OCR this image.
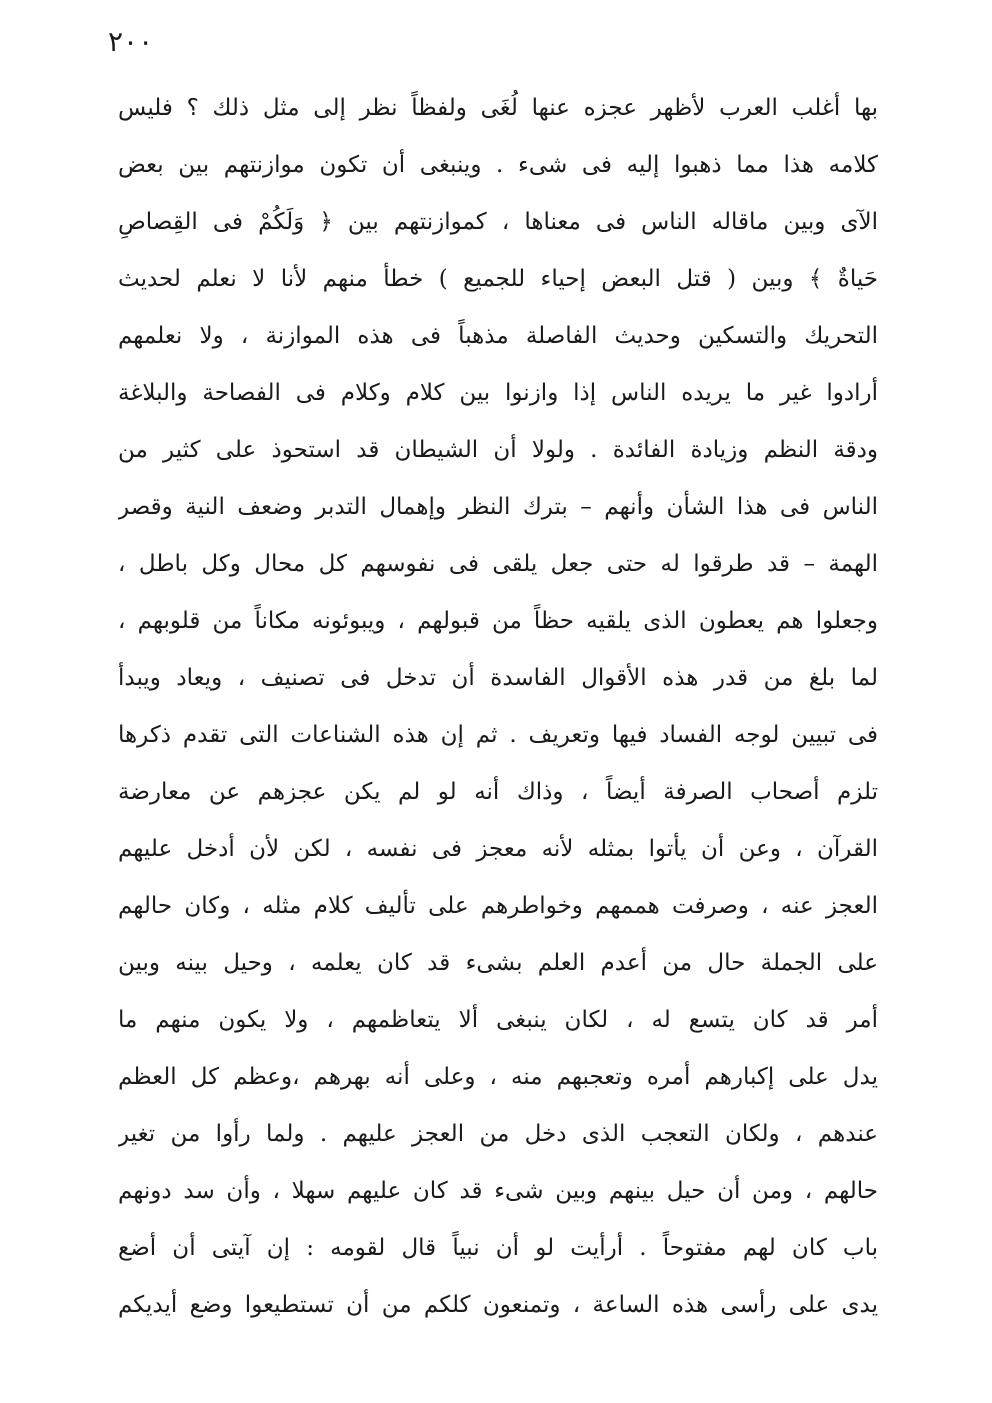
٢٠٠
بها أغلب العرب لأظهر عجزه عنها لُغَى ولفظاً نظر إلى مثل ذلك ؟ فليس
كلامه هذا مما ذهبوا إليه فى شىء . وينبغى أن تكون موازنتهم بين بعض
الآى وبين ماقاله الناس فى معناها ، كموازنتهم بين ﴿ وَلَكُمْ فى القِصاصِ
حَياةٌ ﴾ وبين ( قتل البعض إحياء للجميع ) خطأ منهم لأنا لا نعلم لحديث
التحريك والتسكين وحديث الفاصلة مذهباً فى هذه الموازنة ، ولا نعلمهم
أرادوا غير ما يريده الناس إذا وازنوا بين كلام وكلام فى الفصاحة والبلاغة
ودقة النظم وزيادة الفائدة . ولولا أن الشيطان قد استحوذ على كثير من
الناس فى هذا الشأن وأنهم – بترك النظر وإهمال التدبر وضعف النية وقصر
الهمة – قد طرقوا له حتى جعل يلقى فى نفوسهم كل محال وكل باطل ،
وجعلوا هم يعطون الذى يلقيه حظاً من قبولهم ، ويبوئونه مكاناً من قلوبهم ،
لما بلغ من قدر هذه الأقوال الفاسدة أن تدخل فى تصنيف ، ويعاد ويبدأ
فى تبيين لوجه الفساد فيها وتعريف . ثم إن هذه الشناعات التى تقدم ذكرها
تلزم أصحاب الصرفة أيضاً ، وذاك أنه لو لم يكن عجزهم عن معارضة
القرآن ، وعن أن يأتوا بمثله لأنه معجز فى نفسه ، لكن لأن أدخل عليهم
العجز عنه ، وصرفت هممهم وخواطرهم على تأليف كلام مثله ، وكان حالهم
على الجملة حال من أعدم العلم بشىء قد كان يعلمه ، وحيل بينه وبين
أمر قد كان يتسع له ، لكان ينبغى ألا يتعاظمهم ، ولا يكون منهم ما
يدل على إكبارهم أمره وتعجبهم منه ، وعلى أنه بهرهم ،وعظم كل العظم
عندهم ، ولكان التعجب الذى دخل من العجز عليهم . ولما رأوا من تغير
حالهم ، ومن أن حيل بينهم وبين شىء قد كان عليهم سهلا ، وأن سد دونهم
باب كان لهم مفتوحاً . أرأيت لو أن نبياً قال لقومه : إن آيتى أن أضع
يدى على رأسى هذه الساعة ، وتمنعون كلكم من أن تستطيعوا وضع أيديكم
